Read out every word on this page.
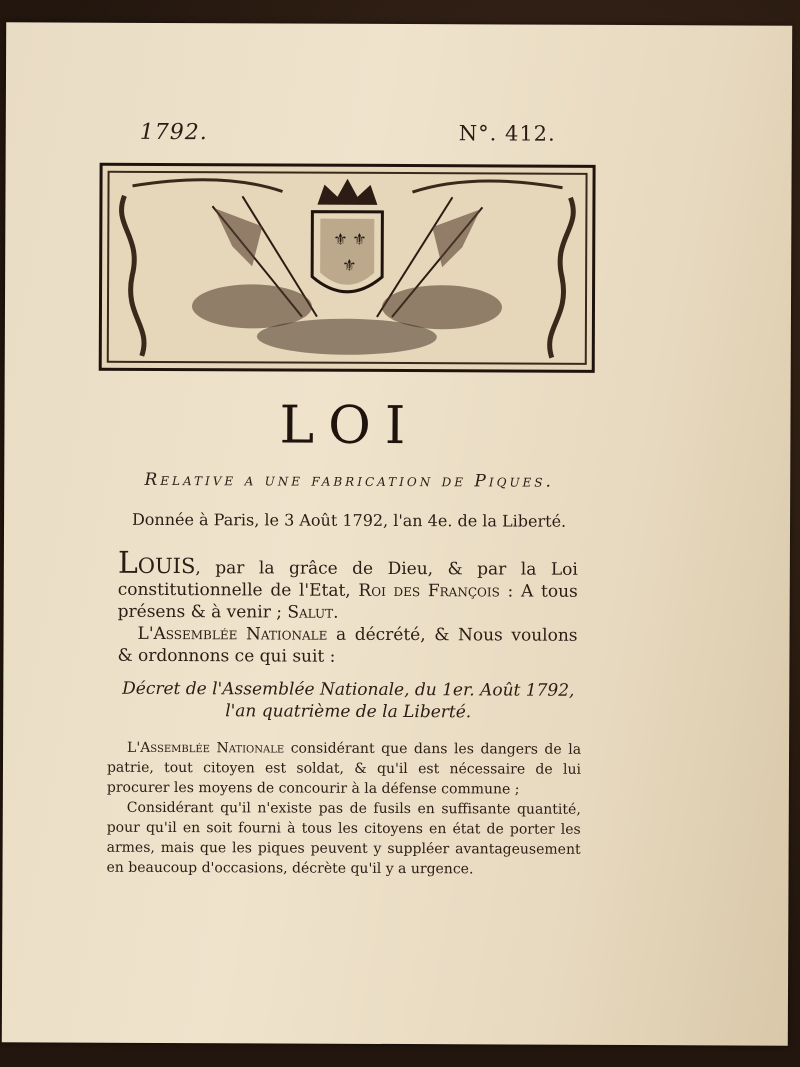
1792.	N°. 412.
⚜ ⚜
⚜
LOI
Relative a une fabrication de Piques.
Donnée à Paris, le 3 Août 1792, l'an 4e. de la Liberté.

Louis, par la grâce de Dieu, & par la Loi constitutionnelle de l'Etat, Roi des François : A tous présens & à venir ; Salut.

L'Assemblée Nationale a décrété, & Nous voulons & ordonnons ce qui suit :

Décret de l'Assemblée Nationale, du 1er. Août 1792,
l'an quatrième de la Liberté.

L'Assemblée Nationale considérant que dans les dangers de la patrie, tout citoyen est soldat, & qu'il est nécessaire de lui procurer les moyens de concourir à la défense commune ;

Considérant qu'il n'existe pas de fusils en suffisante quantité, pour qu'il en soit fourni à tous les citoyens en état de porter les armes, mais que les piques peuvent y suppléer avantageusement en beaucoup d'occasions, décrète qu'il y a urgence.
